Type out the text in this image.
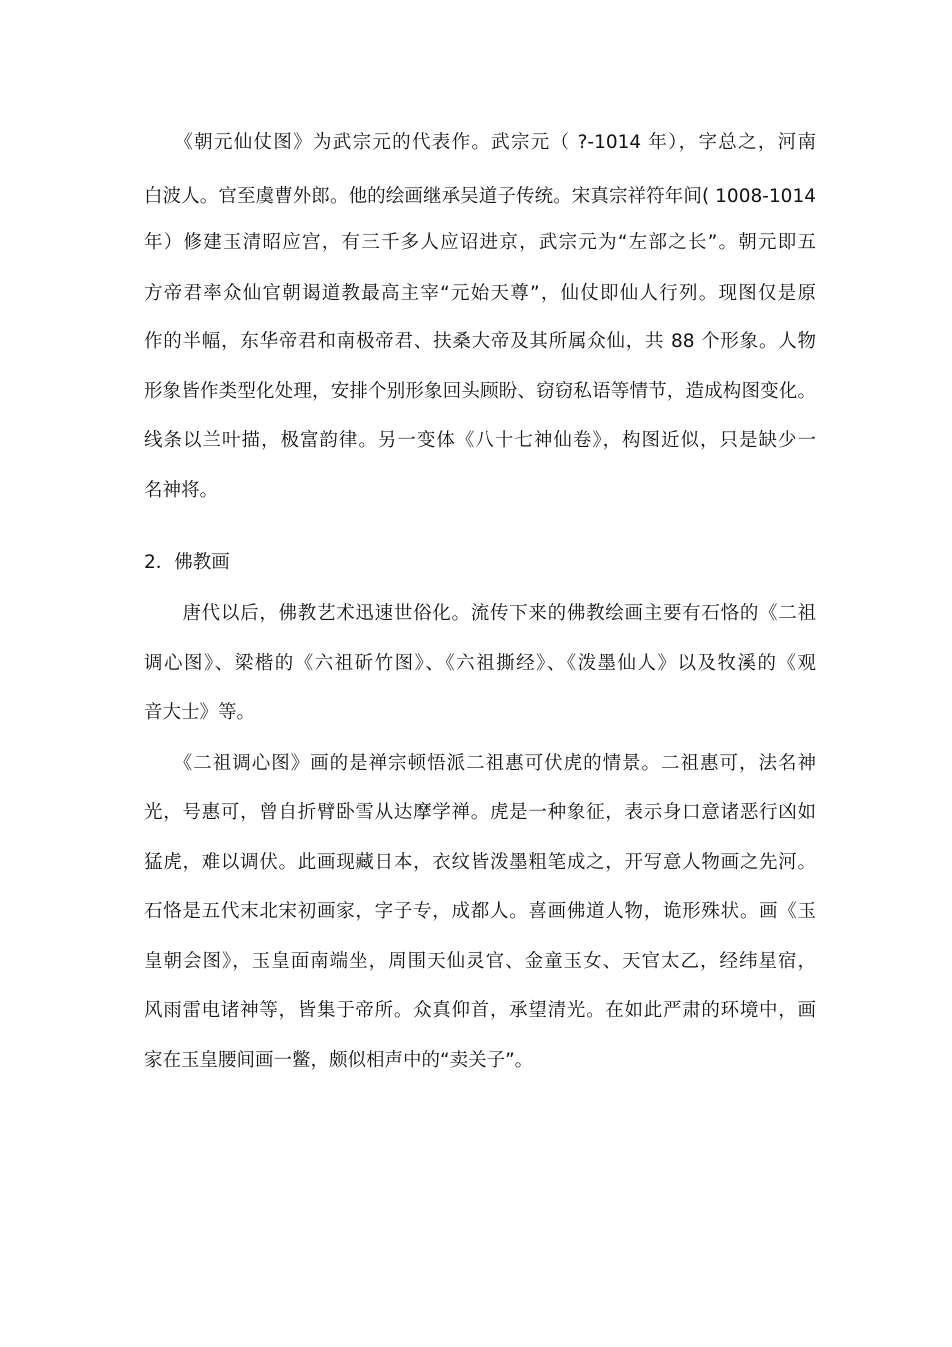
　　《朝元仙仗图》为武宗元的代表作。武宗元（ ?-1014 年），字总之，河南
白波人。官至虞曹外郎。他的绘画继承吴道子传统。宋真宗祥符年间( 1008-1014
年）修建玉清昭应宫，有三千多人应诏进京，武宗元为“左部之长”。朝元即五
方帝君率众仙官朝谒道教最高主宰“元始天尊”，仙仗即仙人行列。现图仅是原
作的半幅，东华帝君和南极帝君、扶桑大帝及其所属众仙，共 88 个形象。人物
形象皆作类型化处理，安排个别形象回头顾盼、窃窃私语等情节，造成构图变化。
线条以兰叶描，极富韵律。另一变体《八十七神仙卷》，构图近似，只是缺少一
名神将。
2．佛教画
　　唐代以后，佛教艺术迅速世俗化。流传下来的佛教绘画主要有石恪的《二祖
调心图》、梁楷的《六祖斫竹图》、《六祖撕经》、《泼墨仙人》以及牧溪的《观
音大士》等。
　　《二祖调心图》画的是禅宗顿悟派二祖惠可伏虎的情景。二祖惠可，法名神
光，号惠可，曾自折臂卧雪从达摩学禅。虎是一种象征，表示身口意诸恶行凶如
猛虎，难以调伏。此画现藏日本，衣纹皆泼墨粗笔成之，开写意人物画之先河。
石恪是五代末北宋初画家，字子专，成都人。喜画佛道人物，诡形殊状。画《玉
皇朝会图》，玉皇面南端坐，周围天仙灵官、金童玉女、天官太乙，经纬星宿，
风雨雷电诸神等，皆集于帝所。众真仰首，承望清光。在如此严肃的环境中，画
家在玉皇腰间画一鳖，颇似相声中的“卖关子”。
